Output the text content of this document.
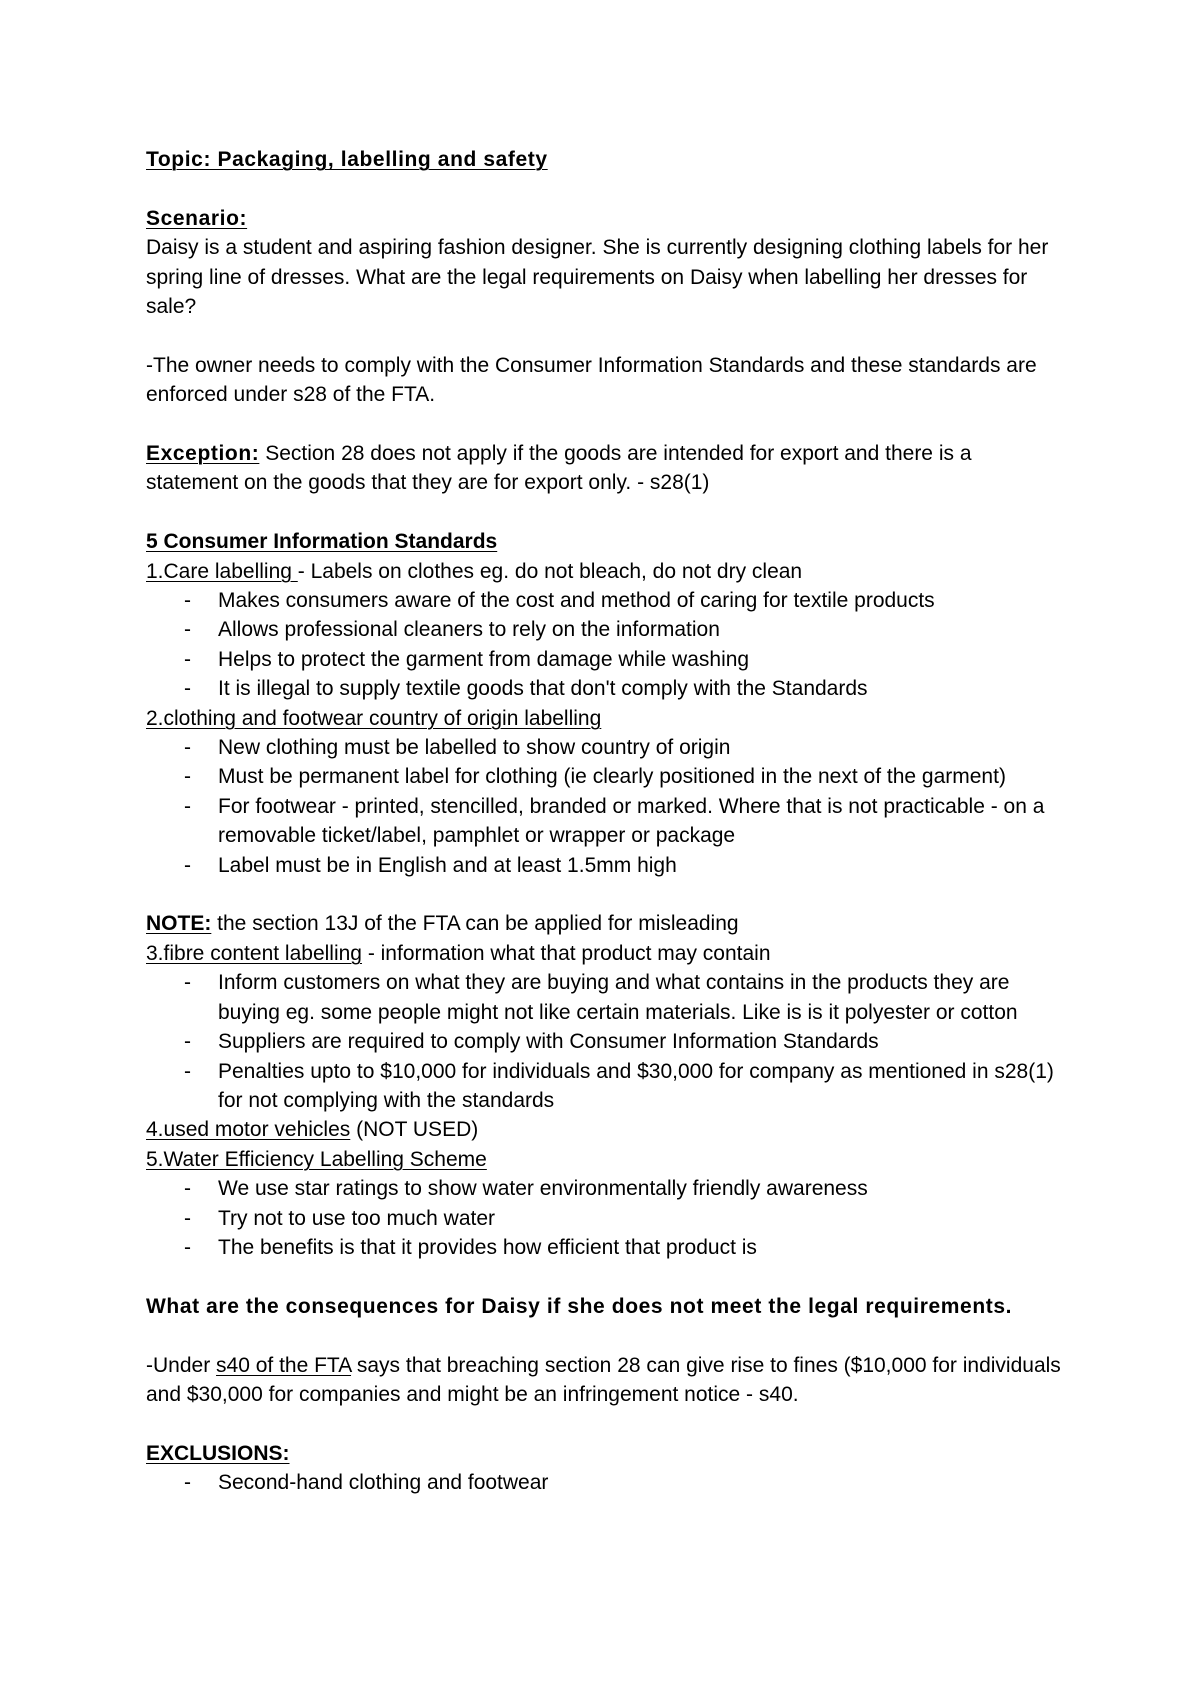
Topic: Packaging, labelling and safety

Scenario:

Daisy is a student and aspiring fashion designer. She is currently designing clothing labels for her spring line of dresses. What are the legal requirements on Daisy when labelling her dresses for sale?

-The owner needs to comply with the Consumer Information Standards and these standards are enforced under s28 of the FTA.

Exception: Section 28 does not apply if the goods are intended for export and there is a statement on the goods that they are for export only. - s28(1)

5 Consumer Information Standards

1.Care labelling - Labels on clothes eg. do not bleach, do not dry clean

- Makes consumers aware of the cost and method of caring for textile products
- Allows professional cleaners to rely on the information
- Helps to protect the garment from damage while washing
- It is illegal to supply textile goods that don't comply with the Standards

2.clothing and footwear country of origin labelling

- New clothing must be labelled to show country of origin
- Must be permanent label for clothing (ie clearly positioned in the next of the garment)
- For footwear - printed, stencilled, branded or marked. Where that is not practicable - on a removable ticket/label, pamphlet or wrapper or package
- Label must be in English and at least 1.5mm high

NOTE: the section 13J of the FTA can be applied for misleading

3.fibre content labelling - information what that product may contain

- Inform customers on what they are buying and what contains in the products they are buying eg. some people might not like certain materials. Like is is it polyester or cotton
- Suppliers are required to comply with Consumer Information Standards
- Penalties upto to $10,000 for individuals and $30,000 for company as mentioned in s28(1) for not complying with the standards

4.used motor vehicles (NOT USED)

5.Water Efficiency Labelling Scheme

- We use star ratings to show water environmentally friendly awareness
- Try not to use too much water
- The benefits is that it provides how efficient that product is

What are the consequences for Daisy if she does not meet the legal requirements.

-Under s40 of the FTA says that breaching section 28 can give rise to fines ($10,000 for individuals and $30,000 for companies and might be an infringement notice - s40.

EXCLUSIONS:

- Second-hand clothing and footwear
